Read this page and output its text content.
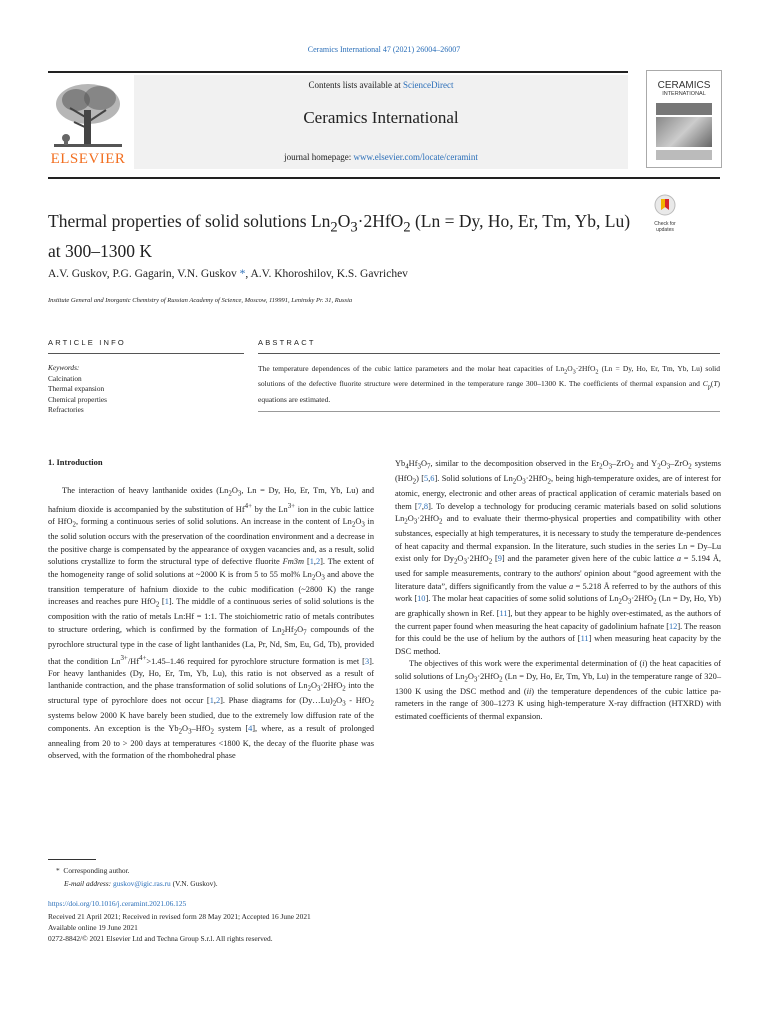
Ceramics International 47 (2021) 26004–26007
ELSEVIER
Contents lists available at ScienceDirect
Ceramics International
journal homepage: www.elsevier.com/locate/ceramint
CERAMICS
INTERNATIONAL
Check for
updates
Thermal properties of solid solutions $Ln_2O_3\cdot 2HfO_2$ (Ln = Dy, Ho, Er, Tm, Yb, Lu) at 300–1300 K
A.V. Guskov, P.G. Gagarin, V.N. Guskov *, A.V. Khoroshilov, K.S. Gavrichev
Institute General and Inorganic Chemistry of Russian Academy of Science, Moscow, 119991, Leninsky Pr. 31, Russia
ARTICLE INFO	ABSTRACT
Keywords:
Calcination
Thermal expansion
Chemical properties
Refractories
The temperature dependences of the cubic lattice parameters and the molar heat capacities of $Ln_2O_3\cdot 2HfO_2$ (Ln = Dy, Ho, Er, Tm, Yb, Lu) solid solutions of the defective fluorite structure were determined in the temperature range 300–1300 K. The coefficients of thermal expansion and $C_p(T)$ equations are estimated.
1. Introduction

The interaction of heavy lanthanide oxides ($Ln_2O_3$, Ln = Dy, Ho, Er, Tm, Yb, Lu) and hafnium dioxide is accompanied by the substitution of $Hf^{4+}$ by the $Ln^{3+}$ ion in the cubic lattice of HfO$_2$, forming a continuous series of solid solutions. An increase in the content of $Ln_2O_3$ in the solid solution occurs with the preservation of the coordination environment and a decrease in the positive charge is compensated by the appearance of oxygen vacancies and, as a result, solid solutions crystallize to form the structural type of defective fluorite Fm3m [1,2]. The extent of the homogeneity range of solid solutions at ~2000 K is from 5 to 55 mol% $Ln_2O_3$ and above the transition temperature of hafnium dioxide to the cubic modification (~2800 K) the range increases and reaches pure HfO$_2$ [1]. The middle of a continuous series of solid solutions is the composition with the ratio of metals Ln:Hf = 1:1. The stoichiometric ratio of metals contributes to structure ordering, which is confirmed by the formation of $Ln_2Hf_2O_7$ compounds of the pyrochlore structural type in the case of light lanthanides (La, Pr, Nd, Sm, Eu, Gd, Tb), provided that the condition $Ln^{3+}/Hf^{4+}>1.45-1.46$ required for pyrochlore structure formation is met [3]. For heavy lanthanides (Dy, Ho, Er, Tm, Yb, Lu), this ratio is not observed as a result of lanthanide contraction, and the phase transformation of solid solutions of $Ln_2O_3\cdot 2HfO_2$ into the structural type of pyrochlore does not occur [1,2]. Phase diagrams for $(Dy\dots Lu)_2O_3 - HfO_2$ systems below 2000 K have barely been studied, due to the extremely low diffusion rate of the components. An exception is the $Yb_2O_3-HfO_2$ system [4], where, as a result of prolonged annealing from 20 to > 200 days at temperatures <1800 K, the decay of the fluorite phase was observed, with the formation of the rhombohedral phase

$Yb_4Hf_3O_7$, similar to the decomposition observed in the $Er_2O_3-ZrO_2$ and $Y_2O_3-ZrO_2$ systems (HfO$_2$) [5,6]. Solid solutions of $Ln_2O_3\cdot 2HfO_2$, being high-temperature oxides, are of interest for atomic, energy, electronic and other areas of practical application of ceramic materials based on them [7,8]. To develop a technology for producing ceramic materials based on solid solutions $Ln_2O_3\cdot 2HfO_2$ and to evaluate their thermo-physical properties and compatibility with other substances, especially at high temperatures, it is necessary to study the temperature de-pendences of heat capacity and thermal expansion. In the literature, such studies in the series Ln = Dy–Lu exist only for $Dy_2O_3\cdot 2HfO_2$ [9] and the parameter given here of the cubic lattice a = 5.194 Å, used for sample measurements, contrary to the authors' opinion about “good agreement with the literature data”, differs significantly from the value a = 5.218 Å referred to by the authors of this work [10]. The molar heat capacities of some solid solutions of $Ln_2O_3\cdot 2HfO_2$ (Ln = Dy, Ho, Yb) are graphically shown in Ref. [11], but they appear to be highly over-estimated, as the authors of the current paper found when measuring the heat capacity of gadolinium hafnate [12]. The reason for this could be the use of helium by the authors of [11] when measuring heat capacity by the DSC method.

The objectives of this work were the experimental determination of (i) the heat capacities of solid solutions of $Ln_2O_3\cdot 2HfO_2$ (Ln = Dy, Ho, Er, Tm, Yb, Lu) in the temperature range of 320–1300 K using the DSC method and (ii) the temperature dependences of the cubic lattice pa-rameters in the range of 300–1273 K using high-temperature X-ray diffraction (HTXRD) with estimated coefficients of thermal expansion.

*  Corresponding author.
E-mail address: guskov@igic.ras.ru (V.N. Guskov).
https://doi.org/10.1016/j.ceramint.2021.06.125
Received 21 April 2021; Received in revised form 28 May 2021; Accepted 16 June 2021
Available online 19 June 2021
0272-8842/© 2021 Elsevier Ltd and Techna Group S.r.l. All rights reserved.
